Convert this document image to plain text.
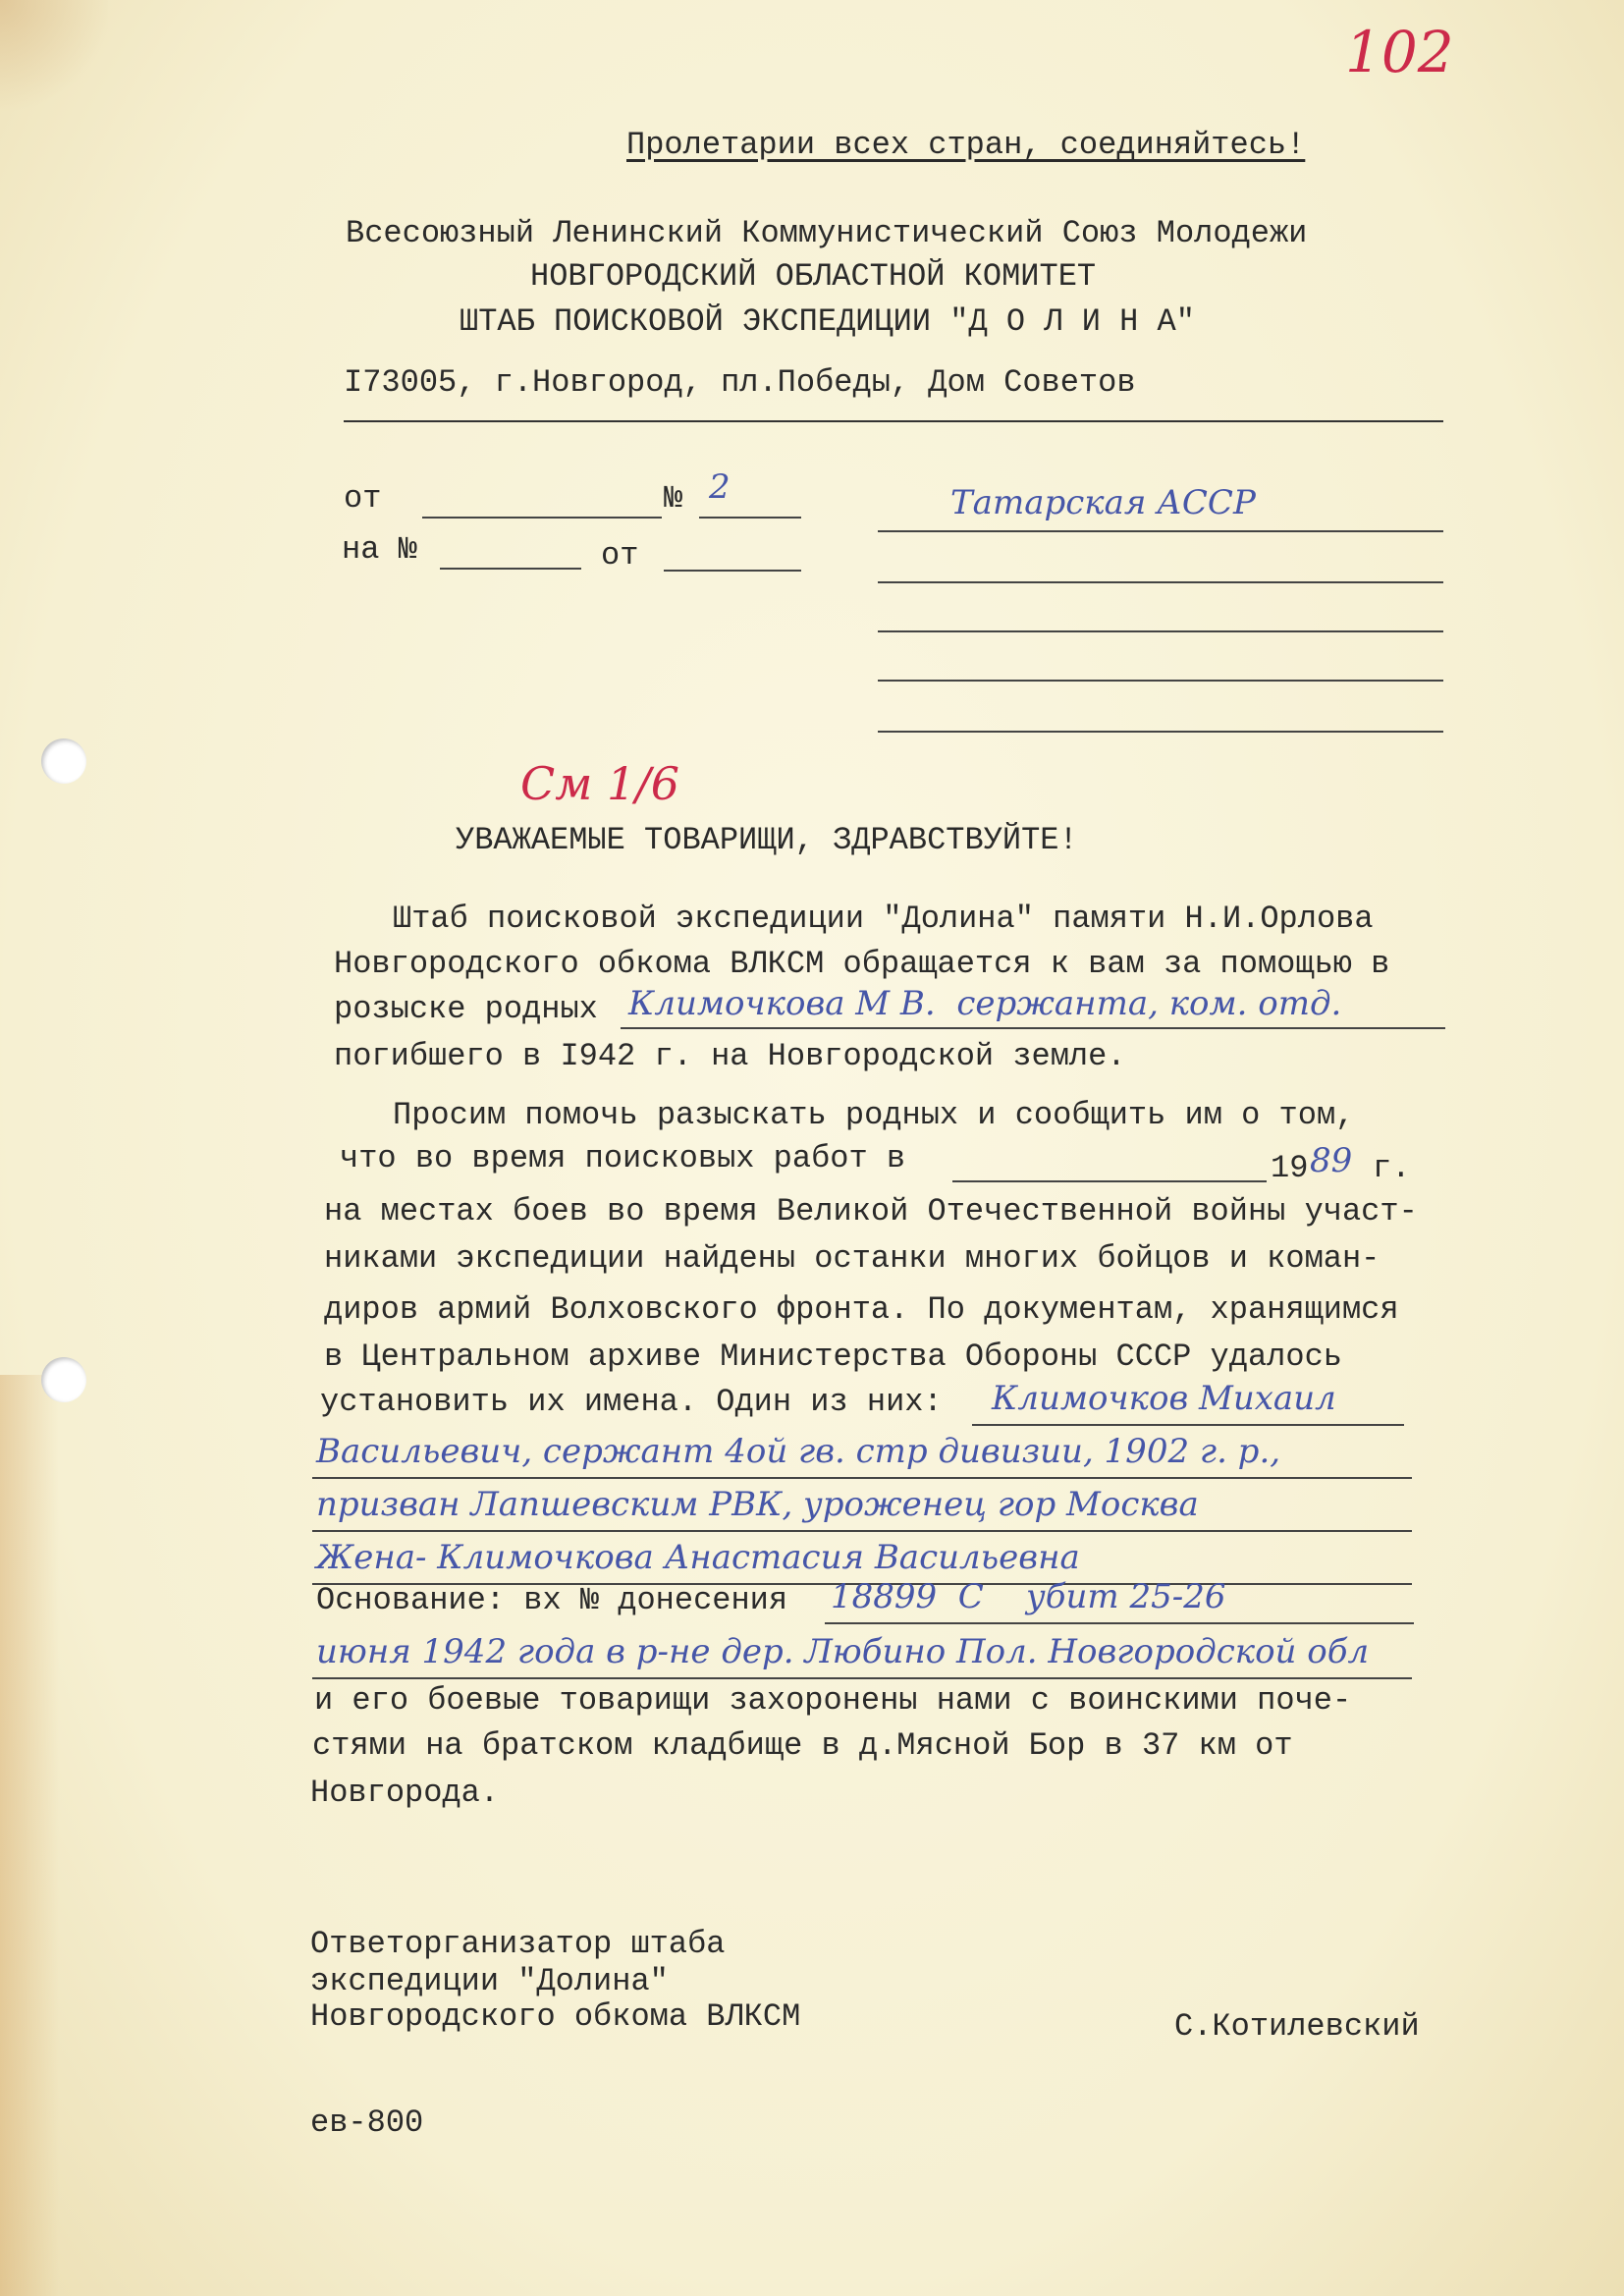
102
Пролетарии всех стран, соединяйтесь!
Всесоюзный Ленинский Коммунистический Союз Молодежи
НОВГОРОДСКИЙ ОБЛАСТНОЙ КОМИТЕТ
ШТАБ ПОИСКОВОЙ ЭКСПЕДИЦИИ "Д О Л И Н А"
I73005, г.Новгород, пл.Победы, Дом Советов
от	№ 2
на №	от
Татарская АССР
См 1/6
УВАЖАЕМЫЕ ТОВАРИЩИ, ЗДРАВСТВУЙТЕ!
Штаб поисковой экспедиции "Долина" памяти Н.И.Орлова
Новгородского обкома ВЛКСМ обращается к вам за помощью в
розыске родных Климочкова М В.  сержанта, ком. отд.
погибшего в I942 г. на Новгородской земле.
Просим помочь разыскать родных и сообщить им о том,
что во время поисковых работ в	19 89 г.
на местах боев во время Великой Отечественной войны участ-
никами экспедиции найдены останки многих бойцов и коман-
диров армий Волховского фронта. По документам, хранящимся
в Центральном архиве Министерства Обороны СССР удалось
установить их имена. Один из них: Климочков Михаил
Васильевич, сержант 4ой гв. стр дивизии, 1902 г. р.,
призван Лапшевским РВК, уроженец гор Москва
Жена- Климочкова Анастасия Васильевна
Основание: вх № донесения 18899  С    убит 25-26
июня 1942 года в р-не дер. Любино Пол. Новгородской обл
и его боевые товарищи захоронены нами с воинскими поче-
стями на братском кладбище в д.Мясной Бор в 37 км от
Новгорода.
Ответорганизатор штаба
экспедиции "Долина"
Новгородского обкома ВЛКСМ	С.Котилевский
ев-800
